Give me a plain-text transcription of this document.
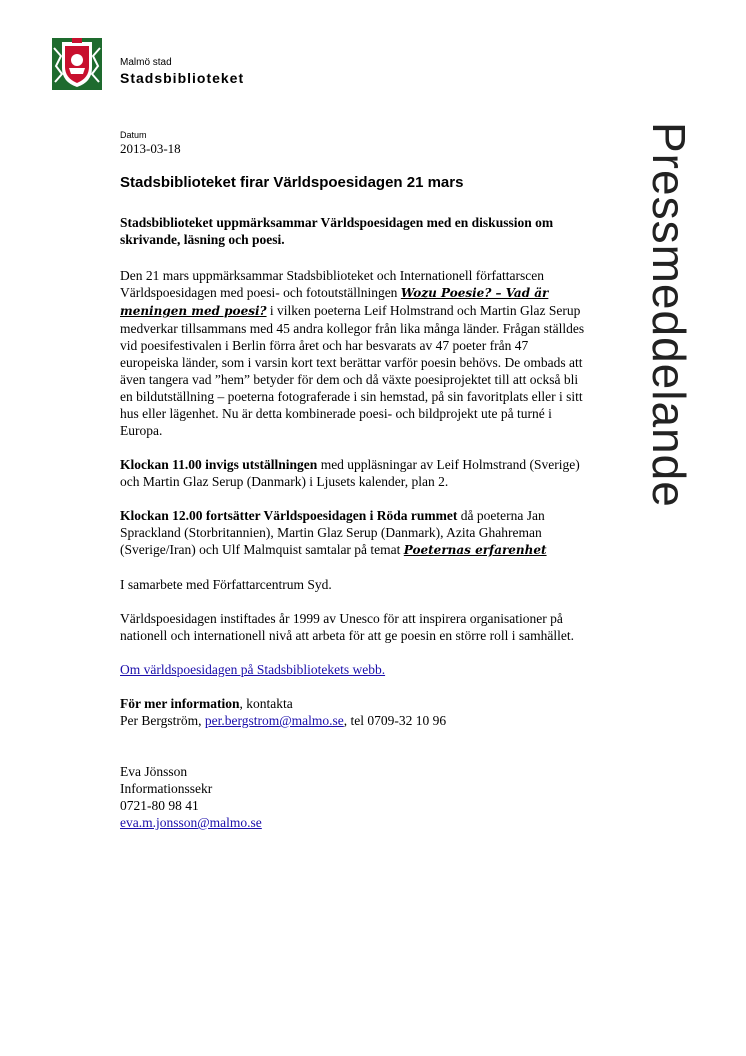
Malmö stad
Stadsbiblioteket
Pressmeddelande
Datum
2013-03-18
Stadsbiblioteket firar Världspoesidagen 21 mars
Stadsbiblioteket uppmärksammar Världspoesidagen med en diskussion om skrivande, läsning och poesi.

Den 21 mars uppmärksammar Stadsbiblioteket och Internationell författarscen Världspoesidagen med poesi- och fotoutställningen Wozu Poesie? – Vad är meningen med poesi? i vilken poeterna Leif Holmstrand och Martin Glaz Serup medverkar tillsammans med 45 andra kollegor från lika många länder. Frågan ställdes vid poesifestivalen i Berlin förra året och har besvarats av 47 poeter från 47 europeiska länder, som i varsin kort text berättar varför poesin behövs. De ombads att även tangera vad ”hem” betyder för dem och då växte poesiprojektet till att också bli en bildutställning – poeterna fotograferade i sin hemstad, på sin favoritplats eller i sitt hus eller lägenhet. Nu är detta kombinerade poesi- och bildprojekt ute på turné i Europa.

Klockan 11.00 invigs utställningen med uppläsningar av Leif Holmstrand (Sverige) och Martin Glaz Serup (Danmark) i Ljusets kalender, plan 2.

Klockan 12.00 fortsätter Världspoesidagen i Röda rummet då poeterna Jan Sprackland (Storbritannien), Martin Glaz Serup (Danmark), Azita Ghahreman (Sverige/Iran) och Ulf Malmquist samtalar på temat Poeternas erfarenhet

I samarbete med Författarcentrum Syd.

Världspoesidagen instiftades år 1999 av Unesco för att inspirera organisationer på nationell och internationell nivå att arbeta för att ge poesin en större roll i samhället.

Om världspoesidagen på Stadsbibliotekets webb.

För mer information, kontakta
Per Bergström, per.bergstrom@malmo.se, tel 0709-32 10 96

Eva Jönsson
Informationssekr
0721-80 98 41
eva.m.jonsson@malmo.se
